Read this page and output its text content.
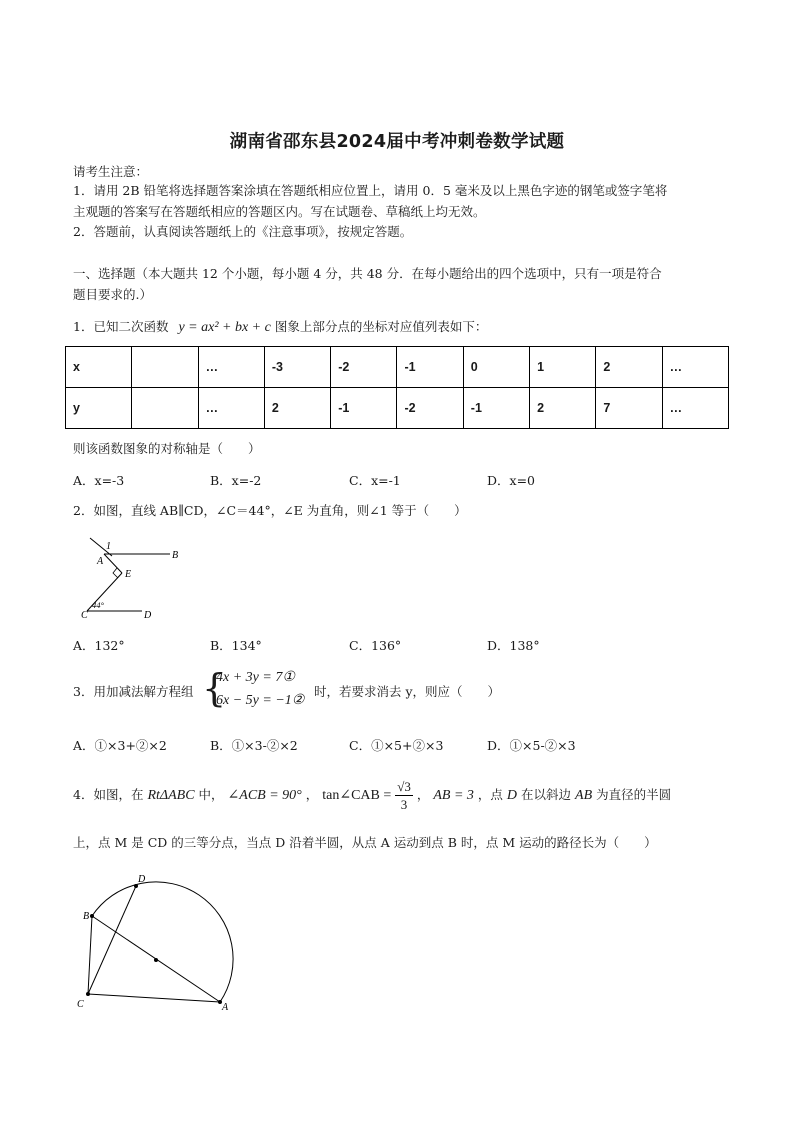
湖南省邵东县2024届中考冲刺卷数学试题
请考生注意：
1．请用 2B 铅笔将选择题答案涂填在答题纸相应位置上，请用 0．5 毫米及以上黑色字迹的钢笔或签字笔将
主观题的答案写在答题纸相应的答题区内。写在试题卷、草稿纸上均无效。
2．答题前，认真阅读答题纸上的《注意事项》，按规定答题。
一、选择题（本大题共 12 个小题，每小题 4 分，共 48 分．在每小题给出的四个选项中，只有一项是符合
题目要求的.）
1．已知二次函数 y = ax² + bx + c 图象上部分点的坐标对应值列表如下：
x		…	-3	-2	-1	0	1	2	…
y		…	2	-1	-2	-1	2	7	…
则该函数图象的对称轴是（　　）
A．x=-3	B．x=-2	C．x=-1	D．x=0
2．如图，直线 AB∥CD，∠C＝44°，∠E 为直角，则∠1 等于（　　）
1
A
B
E
C	D
44°
A．132°	B．134°	C．136°	D．138°
3．用加减法解方程组 {
4x + 3y = 7①
6x − 5y = −1②
时，若要求消去 y，则应（　　）
A．①×3+②×2	B．①×3-②×2	C．①×5+②×3	D．①×5-②×3
4．如图，在 RtΔABC 中， ∠ACB = 90° ， tan∠CAB = $\frac{√3}{3}$ ， AB = 3 ，点 D 在以斜边 AB 为直径的半圆
上，点 M 是 CD 的三等分点，当点 D 沿着半圆，从点 A 运动到点 B 时，点 M 运动的路径长为（　　）
D
B
C	A
